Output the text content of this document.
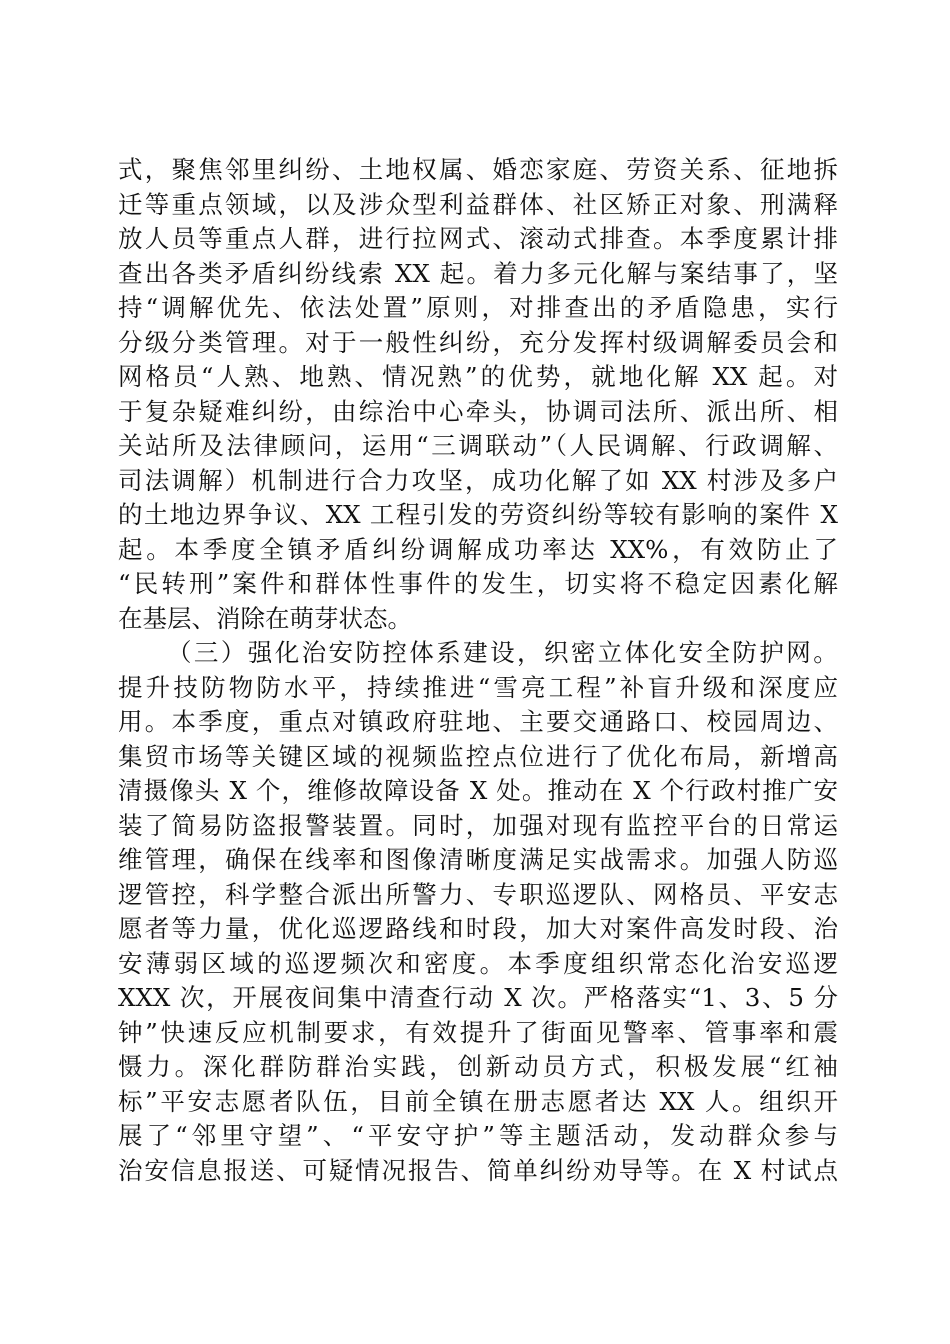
式，聚焦邻里纠纷、土地权属、婚恋家庭、劳资关系、征地拆
迁等重点领域，以及涉众型利益群体、社区矫正对象、刑满释
放人员等重点人群，进行拉网式、滚动式排查。本季度累计排
查出各类矛盾纠纷线索 XX 起。着力多元化解与案结事了，坚
持“调解优先、依法处置”原则，对排查出的矛盾隐患，实行
分级分类管理。对于一般性纠纷，充分发挥村级调解委员会和
网格员“人熟、地熟、情况熟”的优势，就地化解 XX 起。对
于复杂疑难纠纷，由综治中心牵头，协调司法所、派出所、相
关站所及法律顾问，运用“三调联动”（人民调解、行政调解、
司法调解）机制进行合力攻坚，成功化解了如 XX 村涉及多户
的土地边界争议、XX 工程引发的劳资纠纷等较有影响的案件 X
起。本季度全镇矛盾纠纷调解成功率达 XX%，有效防止了
“民转刑”案件和群体性事件的发生，切实将不稳定因素化解
在基层、消除在萌芽状态。
（三）强化治安防控体系建设，织密立体化安全防护网。
提升技防物防水平，持续推进“雪亮工程”补盲升级和深度应
用。本季度，重点对镇政府驻地、主要交通路口、校园周边、
集贸市场等关键区域的视频监控点位进行了优化布局，新增高
清摄像头 X 个，维修故障设备 X 处。推动在 X 个行政村推广安
装了简易防盗报警装置。同时，加强对现有监控平台的日常运
维管理，确保在线率和图像清晰度满足实战需求。加强人防巡
逻管控，科学整合派出所警力、专职巡逻队、网格员、平安志
愿者等力量，优化巡逻路线和时段，加大对案件高发时段、治
安薄弱区域的巡逻频次和密度。本季度组织常态化治安巡逻
XXX 次，开展夜间集中清查行动 X 次。严格落实“1、3、5 分
钟”快速反应机制要求，有效提升了街面见警率、管事率和震
慑力。深化群防群治实践，创新动员方式，积极发展“红袖
标”平安志愿者队伍，目前全镇在册志愿者达 XX 人。组织开
展了“邻里守望”、“平安守护”等主题活动，发动群众参与
治安信息报送、可疑情况报告、简单纠纷劝导等。在 X 村试点
